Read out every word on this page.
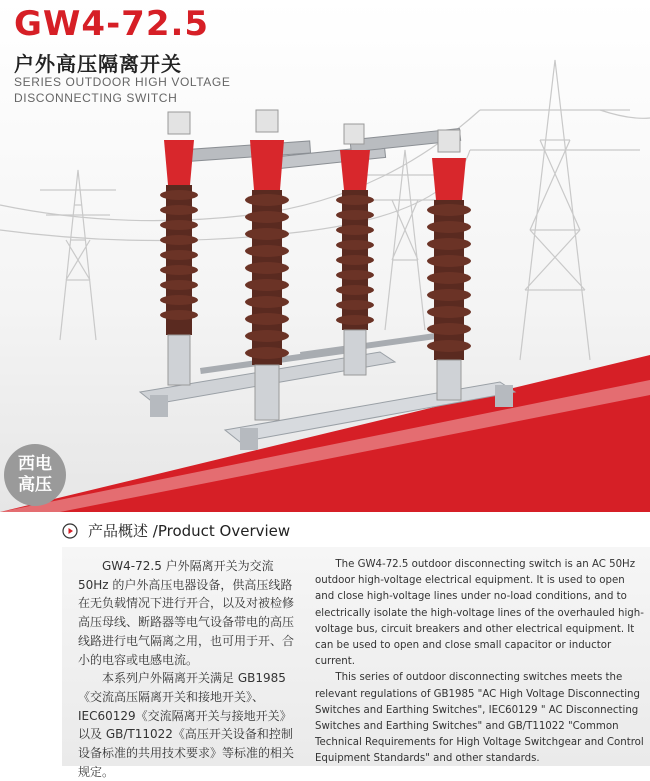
GW4-72.5
户外高压隔离开关
SERIES OUTDOOR HIGH VOLTAGE
DISCONNECTING SWITCH
西电
高压
产品概述 /Product Overview

GW4-72.5 户外隔离开关为交流 50Hz 的户外高压电器设备，供高压线路在无负载情况下进行开合，以及对被检修高压母线、断路器等电气设备带电的高压线路进行电气隔离之用，也可用于开、合小的电容或电感电流。

本系列户外隔离开关满足 GB1985《交流高压隔离开关和接地开关》、IEC60129《交流隔离开关与接地开关》以及 GB/T11022《高压开关设备和控制设备标准的共用技术要求》等标准的相关规定。

The GW4-72.5 outdoor disconnecting switch is an AC 50Hz outdoor high-voltage electrical equipment. It is used to open and close high-voltage lines under no-load conditions, and to electrically isolate the high-voltage lines of the overhauled high- voltage bus, circuit breakers and other electrical equipment. It can be used to open and close small capacitor or inductor current.

This series of outdoor disconnecting switches meets the relevant regulations of GB1985 "AC High Voltage Disconnecting Switches and Earthing Switches", IEC60129 " AC Disconnecting Switches and Earthing Switches" and GB/T11022 "Common Technical Requirements for High Voltage Switchgear and Control Equipment Standards" and other standards.
